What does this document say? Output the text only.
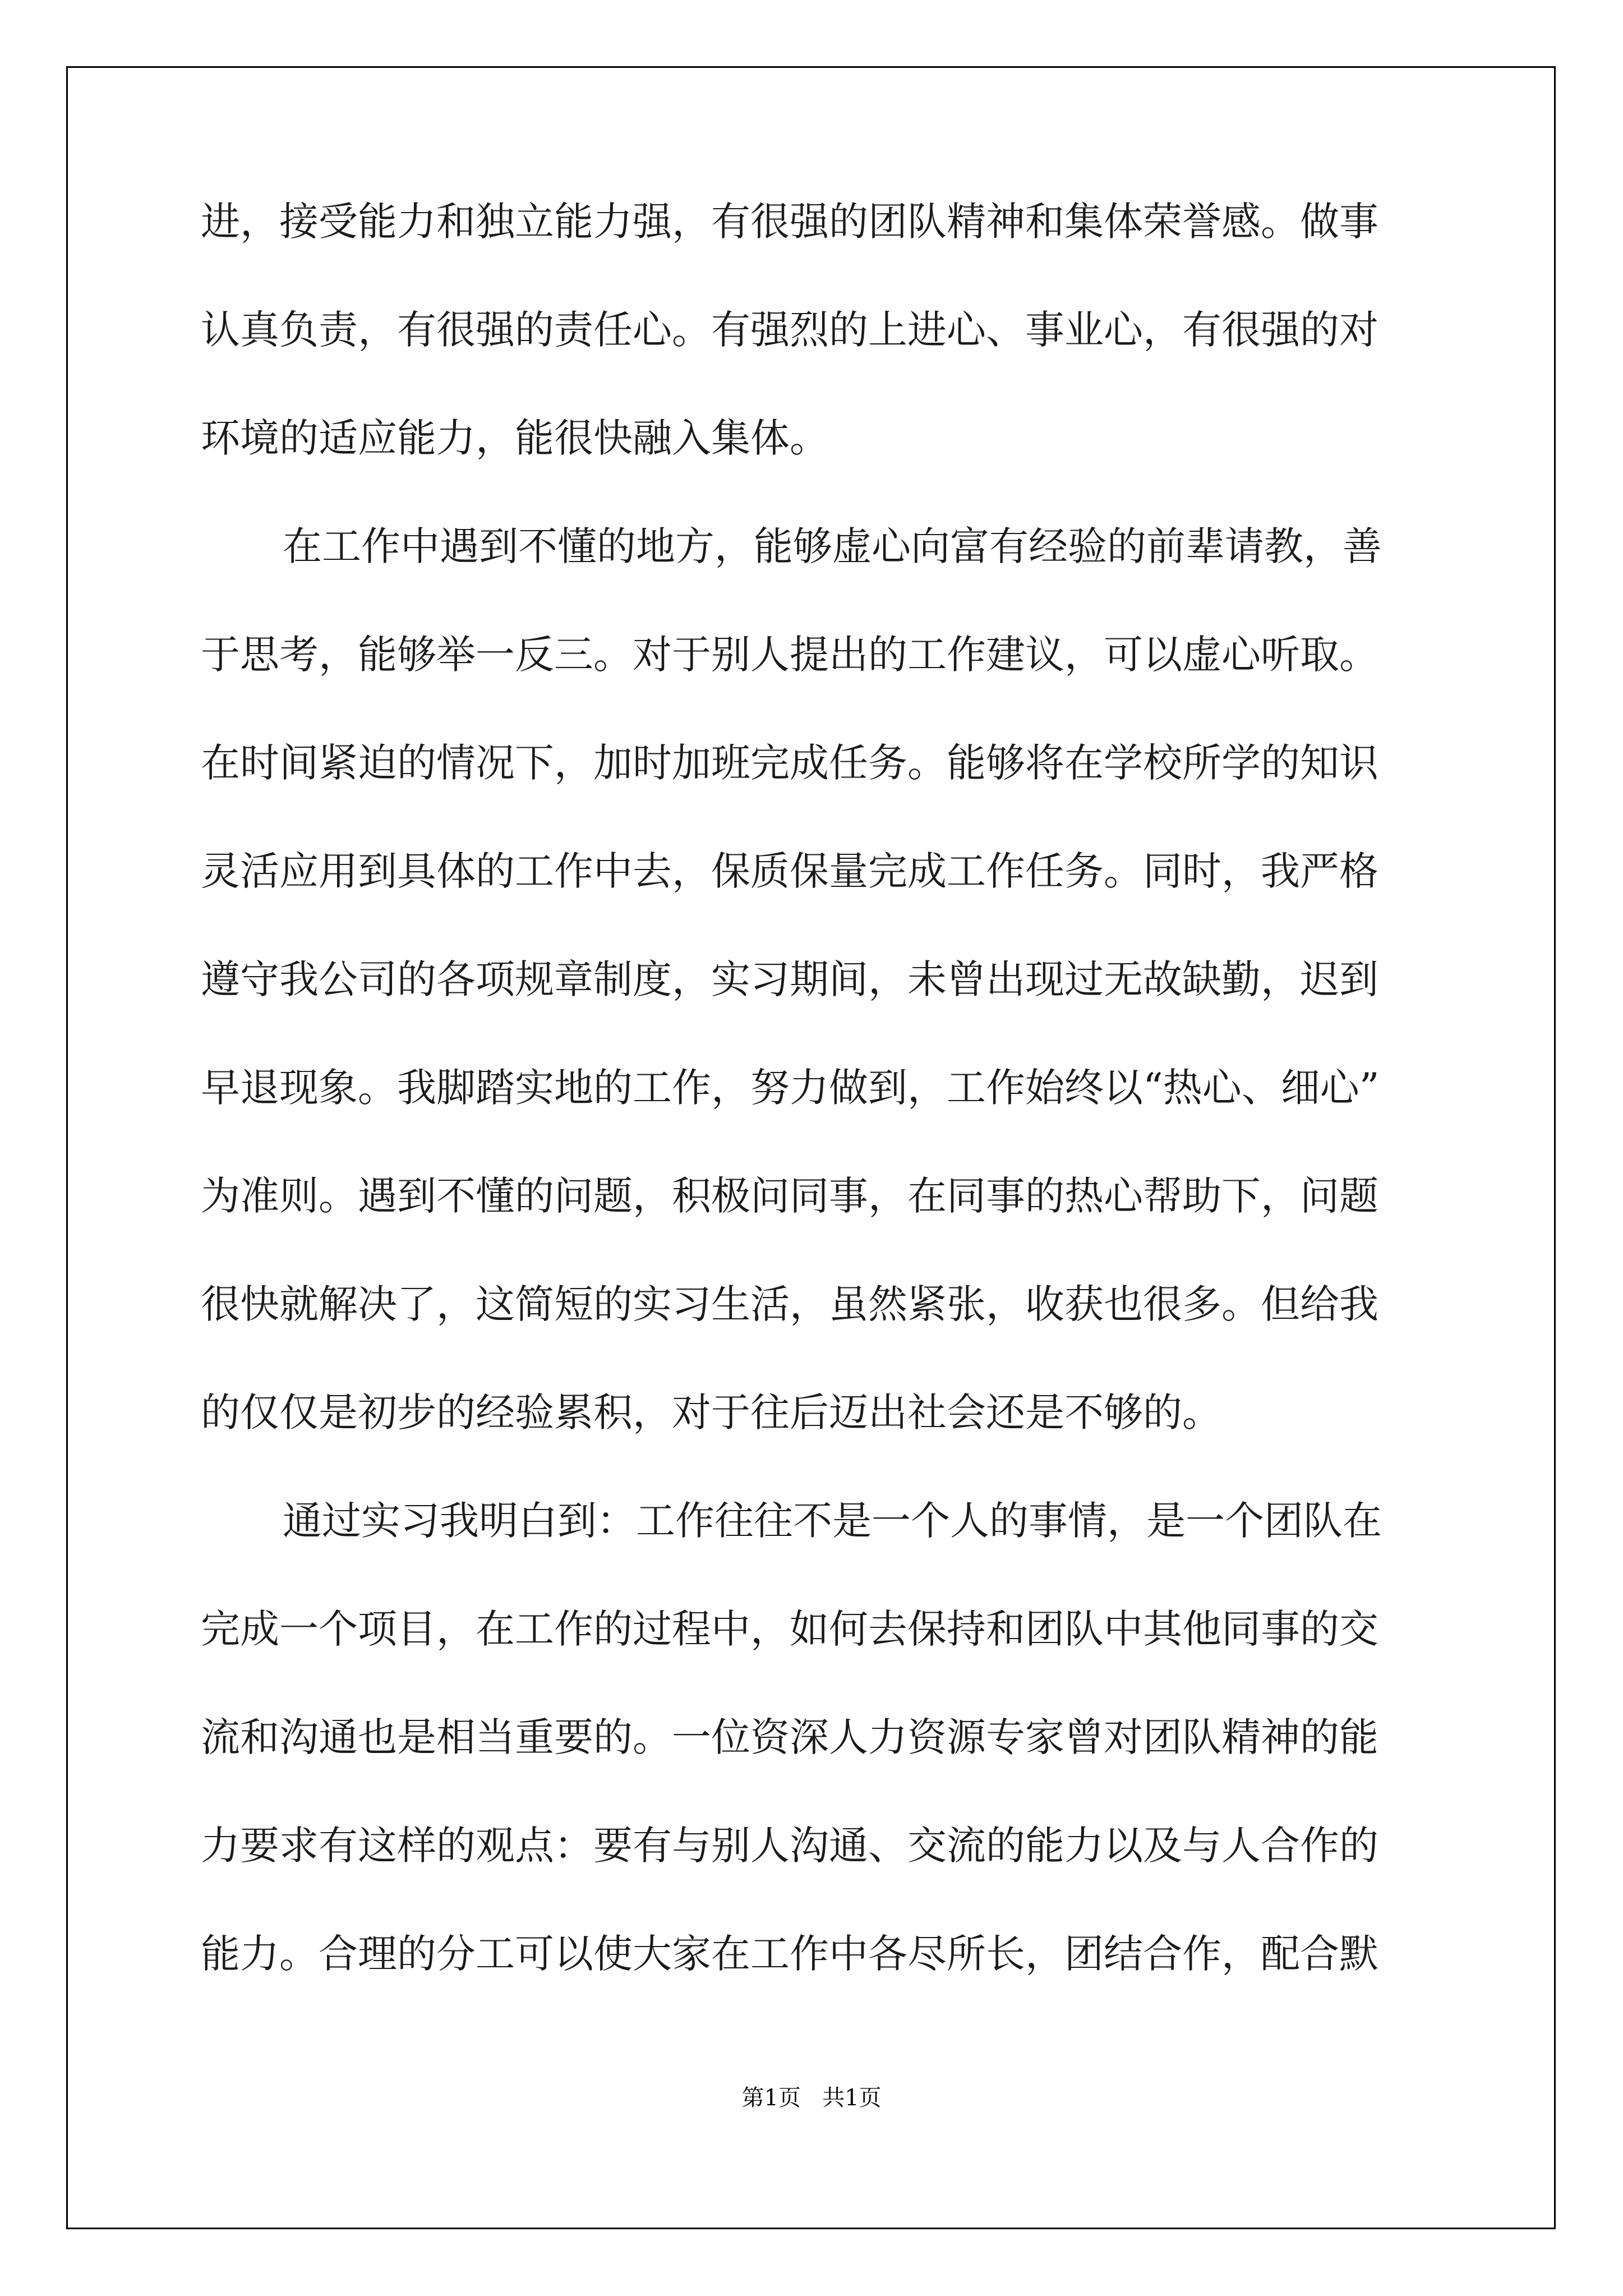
进，接受能力和独立能力强，有很强的团队精神和集体荣誉感。做事
认真负责，有很强的责任心。有强烈的上进心、事业心，有很强的对
环境的适应能力，能很快融入集体。
在工作中遇到不懂的地方，能够虚心向富有经验的前辈请教，善
于思考，能够举一反三。对于别人提出的工作建议，可以虚心听取。
在时间紧迫的情况下，加时加班完成任务。能够将在学校所学的知识
灵活应用到具体的工作中去，保质保量完成工作任务。同时，我严格
遵守我公司的各项规章制度，实习期间，未曾出现过无故缺勤，迟到
早退现象。我脚踏实地的工作，努力做到，工作始终以“热心、细心”
为准则。遇到不懂的问题，积极问同事，在同事的热心帮助下，问题
很快就解决了，这简短的实习生活，虽然紧张，收获也很多。但给我
的仅仅是初步的经验累积，对于往后迈出社会还是不够的。
通过实习我明白到：工作往往不是一个人的事情，是一个团队在
完成一个项目，在工作的过程中，如何去保持和团队中其他同事的交
流和沟通也是相当重要的。一位资深人力资源专家曾对团队精神的能
力要求有这样的观点：要有与别人沟通、交流的能力以及与人合作的
能力。合理的分工可以使大家在工作中各尽所长，团结合作，配合默
第1页 共1页
